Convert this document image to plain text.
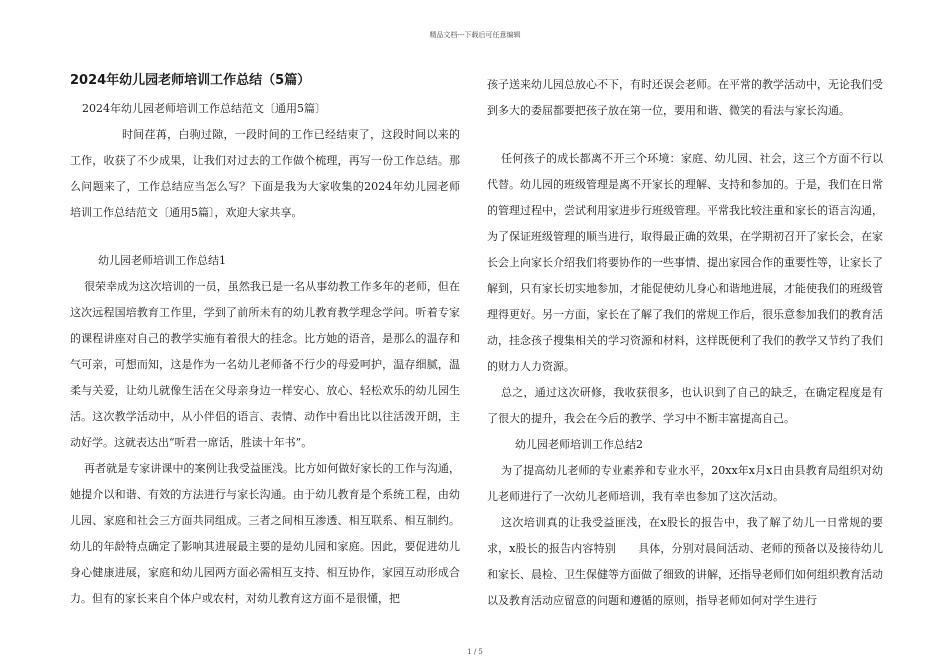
精品文档---下载后可任意编辑
2024年幼儿园老师培训工作总结（5篇）

2024年幼儿园老师培训工作总结范文〔通用5篇〕

时间荏苒，白驹过隙，一段时间的工作已经结束了，这段时间以来的工作，收获了不少成果，让我们对过去的工作做个梳理，再写一份工作总结。那么问题来了，工作总结应当怎么写？下面是我为大家收集的2024年幼儿园老师培训工作总结范文〔通用5篇〕，欢迎大家共享。

幼儿园老师培训工作总结1

很荣幸成为这次培训的一员，虽然我已是一名从事幼教工作多年的老师，但在这次远程国培教育工作里，学到了前所未有的幼儿教育教学理念学问。听着专家的课程讲座对自己的教学实施有着很大的挂念。比方她的语音，是那么的温存和气可亲，可想而知，这是作为一名幼儿老师备不行少的母爱呵护，温存细腻，温柔与关爱，让幼儿就像生活在父母亲身边一样安心、放心、轻松欢乐的幼儿园生活。这次教学活动中，从小伴侣的语言、表情、动作中看出比以往活泼开朗，主动好学。这就表达出“听君一席话，胜读十年书”。

再者就是专家讲课中的案例让我受益匪浅。比方如何做好家长的工作与沟通，她提介以和谐、有效的方法进行与家长沟通。由于幼儿教育是个系统工程，由幼儿园、家庭和社会三方面共同组成。三者之间相互渗透、相互联系、相互制约。幼儿的年龄特点确定了影响其进展最主要的是幼儿园和家庭。因此，要促进幼儿身心健康进展，家庭和幼儿园两方面必需相互支持、相互协作，家园互动形成合力。但有的家长来自个体户或农村，对幼儿教育这方面不是很懂，把

孩子送来幼儿园总放心不下，有时还误会老师。在平常的教学活动中，无论我们受到多大的委屈都要把孩子放在第一位，要用和谐、微笑的看法与家长沟通。

任何孩子的成长都离不开三个环境：家庭、幼儿园、社会，这三个方面不行以代替。幼儿园的班级管理是离不开家长的理解、支持和参加的。于是，我们在日常的管理过程中，尝试利用家进步行班级管理。平常我比较注重和家长的语言沟通，为了保证班级管理的顺当进行，取得最正确的效果，在学期初召开了家长会，在家长会上向家长介绍我们将要协作的一些事情、提出家园合作的重要性等，让家长了解到，只有家长切实地参加，才能促使幼儿身心和谐地进展，才能使我们的班级管理得更好。另一方面，家长在了解了我们的常规工作后，很乐意参加我们的教育活动，挂念孩子搜集相关的学习资源和材料，这样既便利了我们的教学又节约了我们的财力人力资源。

总之，通过这次研修，我收获很多，也认识到了自己的缺乏，在确定程度是有了很大的提升，我会在今后的教学、学习中不断丰富提高自己。

幼儿园老师培训工作总结2

为了提高幼儿老师的专业素养和专业水平，20xx年x月x日由县教育局组织对幼儿老师进行了一次幼儿老师培训，我有幸也参加了这次活动。

这次培训真的让我受益匪浅，在x股长的报告中，我了解了幼儿一日常规的要求，x股长的报告内容特别　　具体，分别对晨间活动、老师的预备以及接待幼儿和家长、晨检、卫生保健等方面做了细致的讲解，还指导老师们如何组织教育活动以及教育活动应留意的问题和遵循的原则，指导老师如何对学生进行

1 / 5
